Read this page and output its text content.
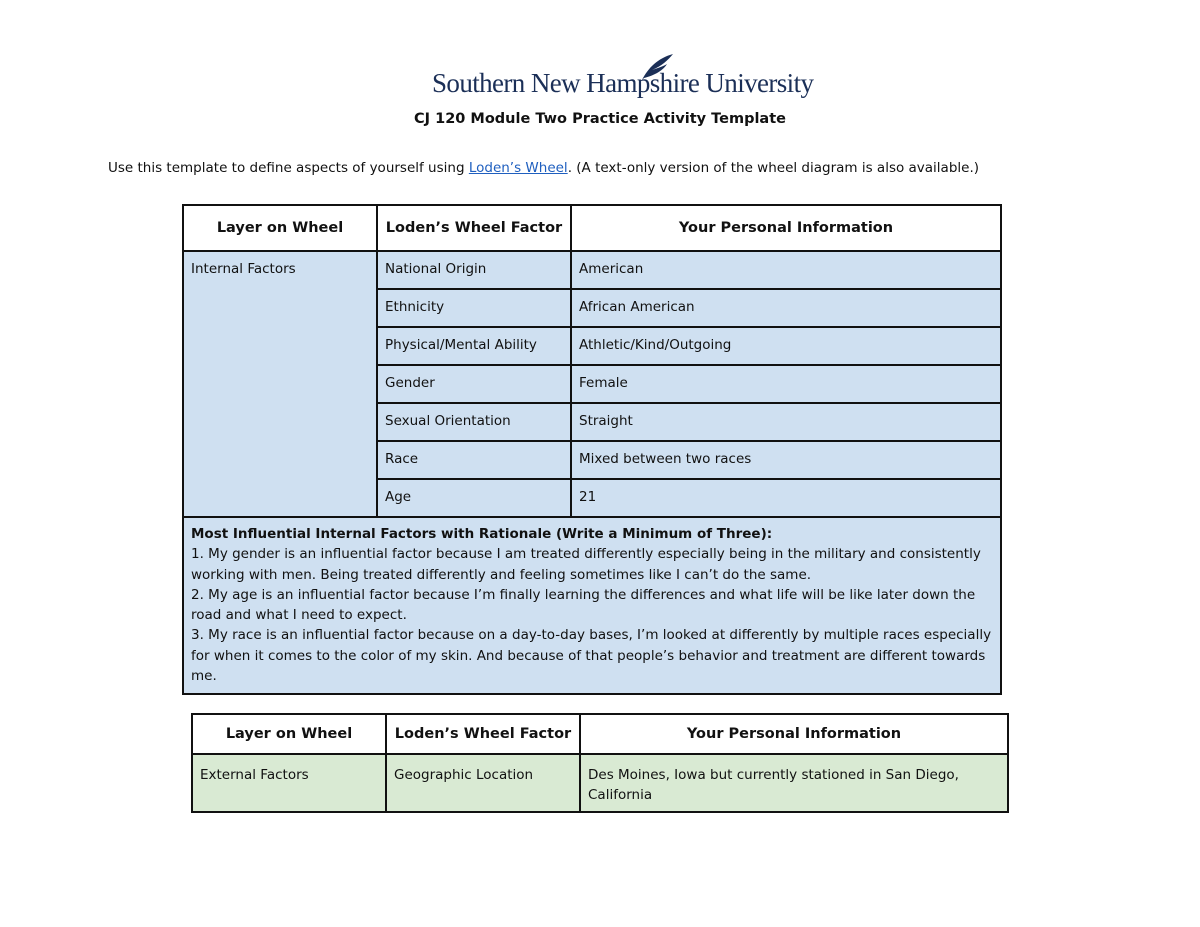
Southern New Hampshire University
CJ 120 Module Two Practice Activity Template
Use this template to define aspects of yourself using Loden’s Wheel. (A text-only version of the wheel diagram is also available.)
Layer on Wheel	Loden’s Wheel Factor	Your Personal Information
Internal Factors	National Origin	American
	Ethnicity	African American
	Physical/Mental Ability	Athletic/Kind/Outgoing
	Gender	Female
	Sexual Orientation	Straight
	Race	Mixed between two races
	Age	21

Most Influential Internal Factors with Rationale (Write a Minimum of Three):
1. My gender is an influential factor because I am treated differently especially being in the military and consistently working with men. Being treated differently and feeling sometimes like I can’t do the same.
2. My age is an influential factor because I’m finally learning the differences and what life will be like later down the road and what I need to expect.
3. My race is an influential factor because on a day-to-day bases, I’m looked at differently by multiple races especially for when it comes to the color of my skin. And because of that people’s behavior and treatment are different towards me.		
Layer on Wheel	Loden’s Wheel Factor	Your Personal Information
External Factors	Geographic Location	Des Moines, Iowa but currently stationed in San Diego, California
